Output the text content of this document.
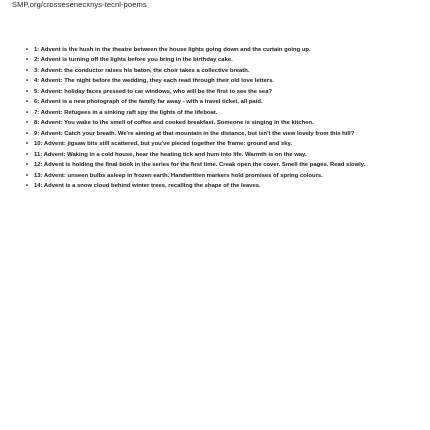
SMP.org/crossesenecxnys-tecnl-poems
• 1: Advent is the hush in the theatre between the house lights going down and the curtain going up.
• 2: Advent is turning off the lights before you bring in the birthday cake.
• 3: Advent: the conductor raises his baton, the choir takes a collective breath.
• 4: Advent: The night before the wedding, they each read through their old love letters.
• 5: Advent: holiday faces pressed to car windows, who will be the first to see the sea?
• 6: Advent is a new photograph of the family far away - with a travel ticket, all paid.
• 7: Advent: Refugees in a sinking raft spy the lights of the lifeboat.
• 8: Advent: You wake to the smell of coffee and cooked breakfast. Someone is singing in the kitchen.
• 9: Advent: Catch your breath. We're aiming at that mountain in the distance, but isn't the view lovely from this hill?
• 10: Advent: jigsaw bits still scattered, but you've pieced together the frame: ground and sky.
• 11: Advent: Waking in a cold house, hear the heating tick and hum into life. Warmth is on the way.
• 12: Advent is holding the final book in the series for the first time. Creak open the cover. Smell the pages. Read slowly.
• 13: Advent: unseen bulbs asleep in frozen earth. Handwritten markers hold promises of spring colours.
• 14: Advent is a snow cloud behind winter trees, recalling the shape of the leaves.
